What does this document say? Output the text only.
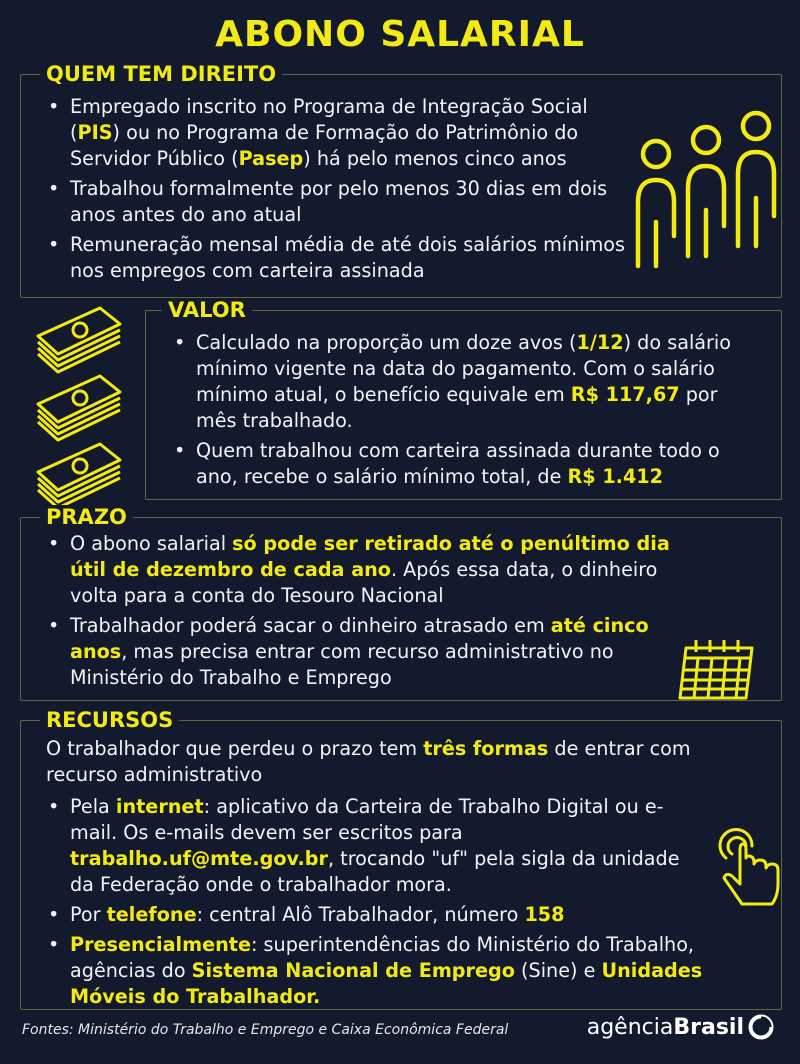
ABONO SALARIAL
QUEM TEM DIREITO
• Empregado inscrito no Programa de Integração Social (PIS) ou no Programa de Formação do Patrimônio do Servidor Público (Pasep) há pelo menos cinco anos
• Trabalhou formalmente por pelo menos 30 dias em dois anos antes do ano atual
• Remuneração mensal média de até dois salários mínimos nos empregos com carteira assinada
VALOR
• Calculado na proporção um doze avos (1/12) do salário mínimo vigente na data do pagamento. Com o salário mínimo atual, o benefício equivale em R$ 117,67 por mês trabalhado.
• Quem trabalhou com carteira assinada durante todo o ano, recebe o salário mínimo total, de R$ 1.412
PRAZO
• O abono salarial só pode ser retirado até o penúltimo dia útil de dezembro de cada ano. Após essa data, o dinheiro volta para a conta do Tesouro Nacional
• Trabalhador poderá sacar o dinheiro atrasado em até cinco anos, mas precisa entrar com recurso administrativo no Ministério do Trabalho e Emprego
RECURSOS

O trabalhador que perdeu o prazo tem três formas de entrar com recurso administrativo

• Pela internet: aplicativo da Carteira de Trabalho Digital ou e-mail. Os e-mails devem ser escritos para trabalho.uf@mte.gov.br, trocando "uf" pela sigla da unidade da Federação onde o trabalhador mora.
• Por telefone: central Alô Trabalhador, número 158
• Presencialmente: superintendências do Ministério do Trabalho, agências do Sistema Nacional de Emprego (Sine) e Unidades Móveis do Trabalhador.
Fontes: Ministério do Trabalho e Emprego e Caixa Econômica Federal	agência Brasil
